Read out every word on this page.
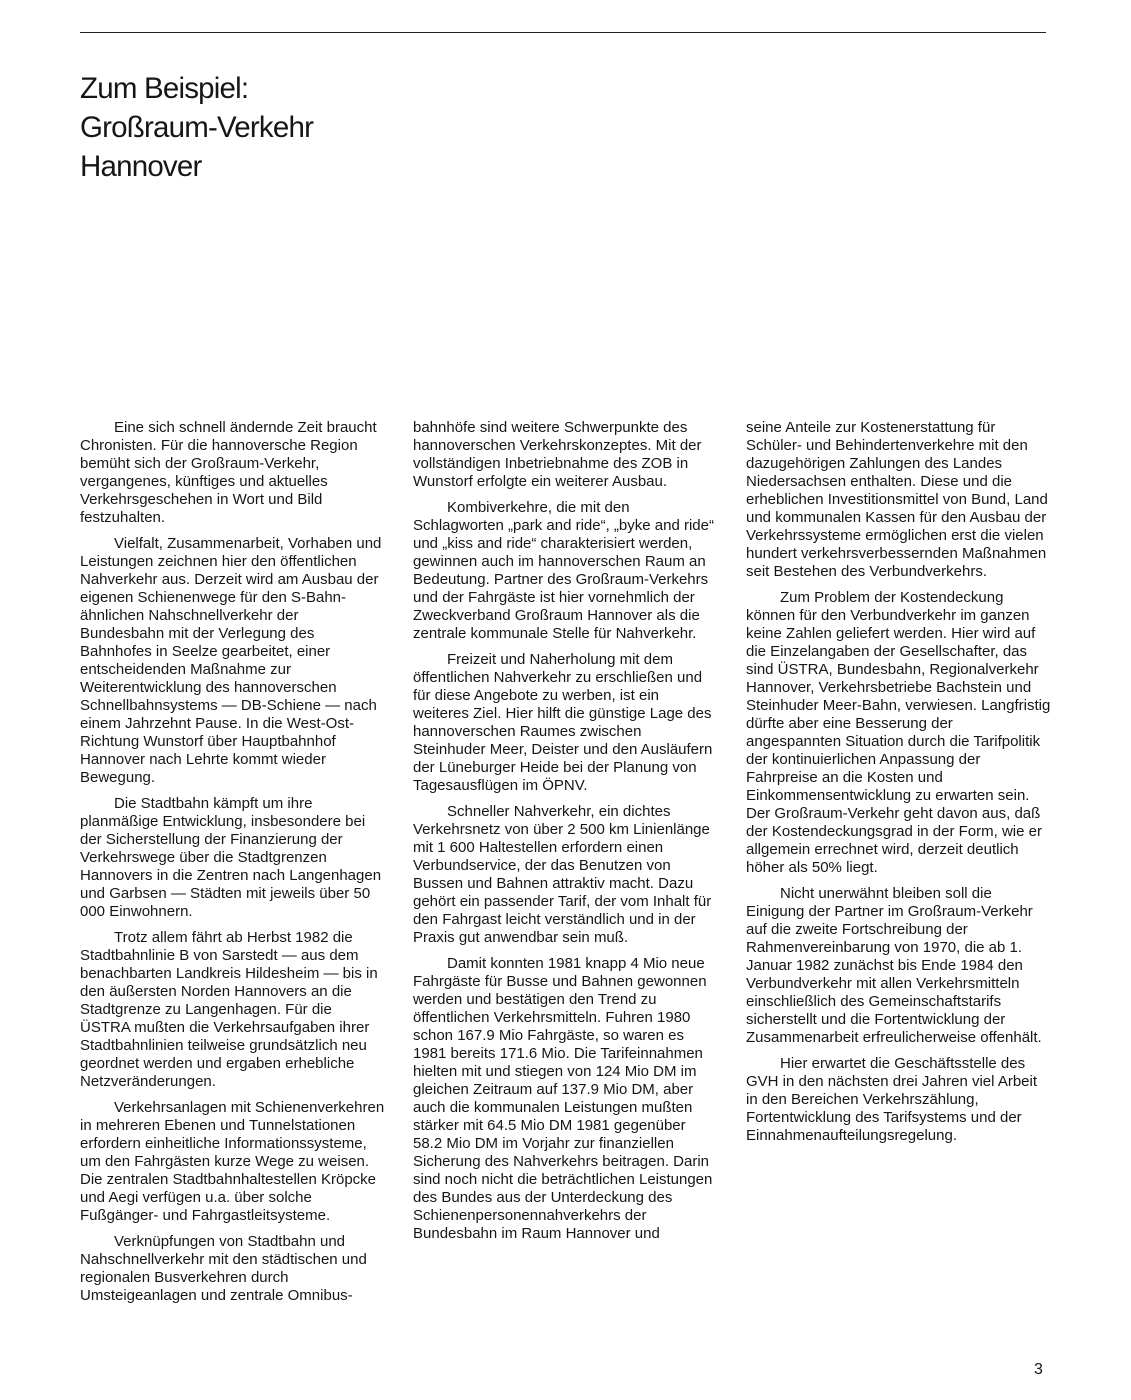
Zum Beispiel:
Großraum-Verkehr
Hannover

Eine sich schnell ändernde Zeit braucht Chronisten. Für die hannoversche Region bemüht sich der Großraum-Verkehr, vergangenes, künftiges und aktuelles Verkehrsgeschehen in Wort und Bild festzuhalten.

Vielfalt, Zusammenarbeit, Vorhaben und Leistungen zeichnen hier den öffentlichen Nahverkehr aus. Derzeit wird am Ausbau der eigenen Schienenwege für den S-Bahn-ähnlichen Nahschnellverkehr der Bundesbahn mit der Verlegung des Bahnhofes in Seelze gearbeitet, einer entscheidenden Maßnahme zur Weiterentwicklung des hannoverschen Schnellbahnsystems — DB-Schiene — nach einem Jahrzehnt Pause. In die West-Ost-Richtung Wunstorf über Hauptbahnhof Hannover nach Lehrte kommt wieder Bewegung.

Die Stadtbahn kämpft um ihre planmäßige Entwicklung, insbesondere bei der Sicherstellung der Finanzierung der Verkehrswege über die Stadtgrenzen Hannovers in die Zentren nach Langenhagen und Garbsen — Städten mit jeweils über 50 000 Einwohnern.

Trotz allem fährt ab Herbst 1982 die Stadtbahnlinie B von Sarstedt — aus dem benachbarten Landkreis Hildesheim — bis in den äußersten Norden Hannovers an die Stadtgrenze zu Langenhagen. Für die ÜSTRA mußten die Verkehrsaufgaben ihrer Stadtbahnlinien teilweise grundsätzlich neu geordnet werden und ergaben erhebliche Netzveränderungen.

Verkehrsanlagen mit Schienenverkehren in mehreren Ebenen und Tunnelstationen erfordern einheitliche Informationssysteme, um den Fahrgästen kurze Wege zu weisen. Die zentralen Stadtbahnhaltestellen Kröpcke und Aegi verfügen u.a. über solche Fußgänger- und Fahrgastleitsysteme.

Verknüpfungen von Stadtbahn und Nahschnellverkehr mit den städtischen und regionalen Busverkehren durch Umsteigeanlagen und zentrale Omnibus-

bahnhöfe sind weitere Schwerpunkte des hannoverschen Verkehrskonzeptes. Mit der vollständigen Inbetriebnahme des ZOB in Wunstorf erfolgte ein weiterer Ausbau.

Kombiverkehre, die mit den Schlagworten „park and ride“, „byke and ride“ und „kiss and ride“ charakterisiert werden, gewinnen auch im hannoverschen Raum an Bedeutung. Partner des Großraum-Verkehrs und der Fahrgäste ist hier vornehmlich der Zweckverband Großraum Hannover als die zentrale kommunale Stelle für Nahverkehr.

Freizeit und Naherholung mit dem öffentlichen Nahverkehr zu erschließen und für diese Angebote zu werben, ist ein weiteres Ziel. Hier hilft die günstige Lage des hannoverschen Raumes zwischen Steinhuder Meer, Deister und den Ausläufern der Lüneburger Heide bei der Planung von Tagesausflügen im ÖPNV.

Schneller Nahverkehr, ein dichtes Verkehrsnetz von über 2 500 km Linienlänge mit 1 600 Haltestellen erfordern einen Verbundservice, der das Benutzen von Bussen und Bahnen attraktiv macht. Dazu gehört ein passender Tarif, der vom Inhalt für den Fahrgast leicht verständlich und in der Praxis gut anwendbar sein muß.

Damit konnten 1981 knapp 4 Mio neue Fahrgäste für Busse und Bahnen gewonnen werden und bestätigen den Trend zu öffentlichen Verkehrsmitteln. Fuhren 1980 schon 167.9 Mio Fahrgäste, so waren es 1981 bereits 171.6 Mio. Die Tarifeinnahmen hielten mit und stiegen von 124 Mio DM im gleichen Zeitraum auf 137.9 Mio DM, aber auch die kommunalen Leistungen mußten stärker mit 64.5 Mio DM 1981 gegenüber 58.2 Mio DM im Vorjahr zur finanziellen Sicherung des Nahverkehrs beitragen. Darin sind noch nicht die beträchtlichen Leistungen des Bundes aus der Unterdeckung des Schienenpersonennahverkehrs der Bundesbahn im Raum Hannover und

seine Anteile zur Kostenerstattung für Schüler- und Behindertenverkehre mit den dazugehörigen Zahlungen des Landes Niedersachsen enthalten. Diese und die erheblichen Investitionsmittel von Bund, Land und kommunalen Kassen für den Ausbau der Verkehrssysteme ermöglichen erst die vielen hundert verkehrsverbessernden Maßnahmen seit Bestehen des Verbundverkehrs.

Zum Problem der Kostendeckung können für den Verbundverkehr im ganzen keine Zahlen geliefert werden. Hier wird auf die Einzelangaben der Gesellschafter, das sind ÜSTRA, Bundesbahn, Regionalverkehr Hannover, Verkehrsbetriebe Bachstein und Steinhuder Meer-Bahn, verwiesen. Langfristig dürfte aber eine Besserung der angespannten Situation durch die Tarifpolitik der kontinuierlichen Anpassung der Fahrpreise an die Kosten und Einkommensentwicklung zu erwarten sein. Der Großraum-Verkehr geht davon aus, daß der Kostendeckungsgrad in der Form, wie er allgemein errechnet wird, derzeit deutlich höher als 50% liegt.

Nicht unerwähnt bleiben soll die Einigung der Partner im Großraum-Verkehr auf die zweite Fortschreibung der Rahmenvereinbarung von 1970, die ab 1. Januar 1982 zunächst bis Ende 1984 den Verbundverkehr mit allen Verkehrsmitteln einschließlich des Gemeinschaftstarifs sicherstellt und die Fortentwicklung der Zusammenarbeit erfreulicherweise offenhält.

Hier erwartet die Geschäftsstelle des GVH in den nächsten drei Jahren viel Arbeit in den Bereichen Verkehrszählung, Fortentwicklung des Tarifsystems und der Einnahmenaufteilungsregelung.

3
